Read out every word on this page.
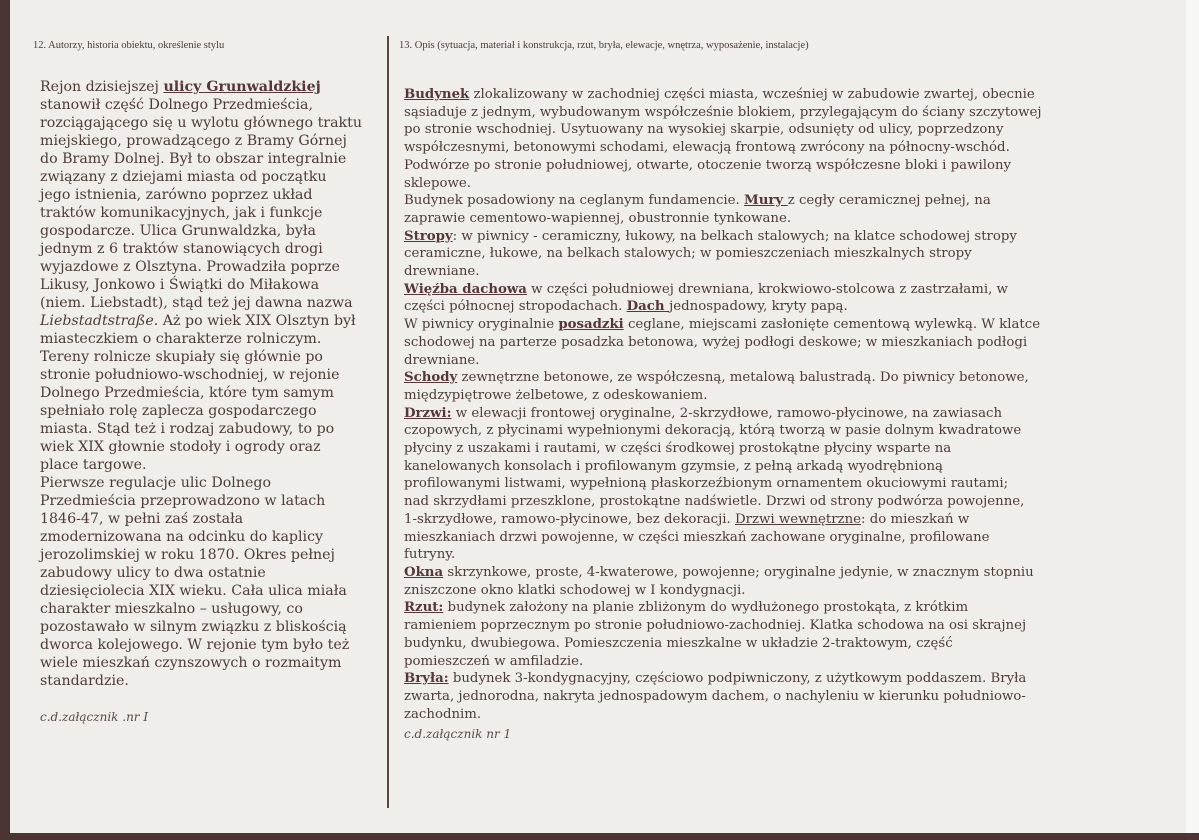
12. Autorzy, historia obiektu, określenie stylu	13. Opis (sytuacja, materiał i konstrukcja, rzut, bryła, elewacje, wnętrza, wyposażenie, instalacje)
Rejon dzisiejszej ulicy Grunwaldzkiej
stanowił część Dolnego Przedmieścia,
rozciągającego się u wylotu głównego traktu
miejskiego, prowadzącego z Bramy Górnej
do Bramy Dolnej. Był to obszar integralnie
związany z dziejami miasta od początku
jego istnienia, zarówno poprzez układ
traktów komunikacyjnych, jak i funkcje
gospodarcze. Ulica Grunwaldzka, była
jednym z 6 traktów stanowiących drogi
wyjazdowe z Olsztyna. Prowadziła poprze
Likusy, Jonkowo i Świątki do Miłakowa
(niem. Liebstadt), stąd też jej dawna nazwa
Liebstadtstraße. Aż po wiek XIX Olsztyn był
miasteczkiem o charakterze rolniczym.
Tereny rolnicze skupiały się głównie po
stronie południowo-wschodniej, w rejonie
Dolnego Przedmieścia, które tym samym
spełniało rolę zaplecza gospodarczego
miasta. Stąd też i rodzaj zabudowy, to po
wiek XIX głownie stodoły i ogrody oraz
place targowe.
Pierwsze regulacje ulic Dolnego
Przedmieścia przeprowadzono w latach
1846-47, w pełni zaś została
zmodernizowana na odcinku do kaplicy
jerozolimskiej w roku 1870. Okres pełnej
zabudowy ulicy to dwa ostatnie
dziesięciolecia XIX wieku. Cała ulica miała
charakter mieszkalno – usługowy, co
pozostawało w silnym związku z bliskością
dworca kolejowego. W rejonie tym było też
wiele mieszkań czynszowych o rozmaitym
standardzie.
c.d.załącznik .nr I
Budynek zlokalizowany w zachodniej części miasta, wcześniej w zabudowie zwartej, obecnie
sąsiaduje z jednym, wybudowanym współcześnie blokiem, przylegającym do ściany szczytowej
po stronie wschodniej. Usytuowany na wysokiej skarpie, odsunięty od ulicy, poprzedzony
współczesnymi, betonowymi schodami, elewacją frontową zwrócony na północny-wschód.
Podwórze po stronie południowej, otwarte, otoczenie tworzą współczesne bloki i pawilony
sklepowe.
Budynek posadowiony na ceglanym fundamencie. Mury z cegły ceramicznej pełnej, na
zaprawie cementowo-wapiennej, obustronnie tynkowane.
Stropy: w piwnicy - ceramiczny, łukowy, na belkach stalowych; na klatce schodowej stropy
ceramiczne, łukowe, na belkach stalowych; w pomieszczeniach mieszkalnych stropy
drewniane.
Więźba dachowa w części południowej drewniana, krokwiowo-stolcowa z zastrzałami, w
części północnej stropodachach. Dach jednospadowy, kryty papą.
W piwnicy oryginalnie posadzki ceglane, miejscami zasłonięte cementową wylewką. W klatce
schodowej na parterze posadzka betonowa, wyżej podłogi deskowe; w mieszkaniach podłogi
drewniane.
Schody zewnętrzne betonowe, ze współczesną, metalową balustradą. Do piwnicy betonowe,
międzypiętrowe żelbetowe, z odeskowaniem.
Drzwi: w elewacji frontowej oryginalne, 2-skrzydłowe, ramowo-płycinowe, na zawiasach
czopowych, z płycinami wypełnionymi dekoracją, którą tworzą w pasie dolnym kwadratowe
płyciny z uszakami i rautami, w części środkowej prostokątne płyciny wsparte na
kanelowanych konsolach i profilowanym gzymsie, z pełną arkadą wyodrębnioną
profilowanymi listwami, wypełnioną płaskorzeźbionym ornamentem okuciowymi rautami;
nad skrzydłami przeszklone, prostokątne nadświetle. Drzwi od strony podwórza powojenne,
1-skrzydłowe, ramowo-płycinowe, bez dekoracji. Drzwi wewnętrzne: do mieszkań w
mieszkaniach drzwi powojenne, w części mieszkań zachowane oryginalne, profilowane
futryny.
Okna skrzynkowe, proste, 4-kwaterowe, powojenne; oryginalne jedynie, w znacznym stopniu
zniszczone okno klatki schodowej w I kondygnacji.
Rzut: budynek założony na planie zbliżonym do wydłużonego prostokąta, z krótkim
ramieniem poprzecznym po stronie południowo-zachodniej. Klatka schodowa na osi skrajnej
budynku, dwubiegowa. Pomieszczenia mieszkalne w układzie 2-traktowym, część
pomieszczeń w amfiladzie.
Bryła: budynek 3-kondygnacyjny, częściowo podpiwniczony, z użytkowym poddaszem. Bryła
zwarta, jednorodna, nakryta jednospadowym dachem, o nachyleniu w kierunku południowo-
zachodnim.
c.d.załącznik nr 1
